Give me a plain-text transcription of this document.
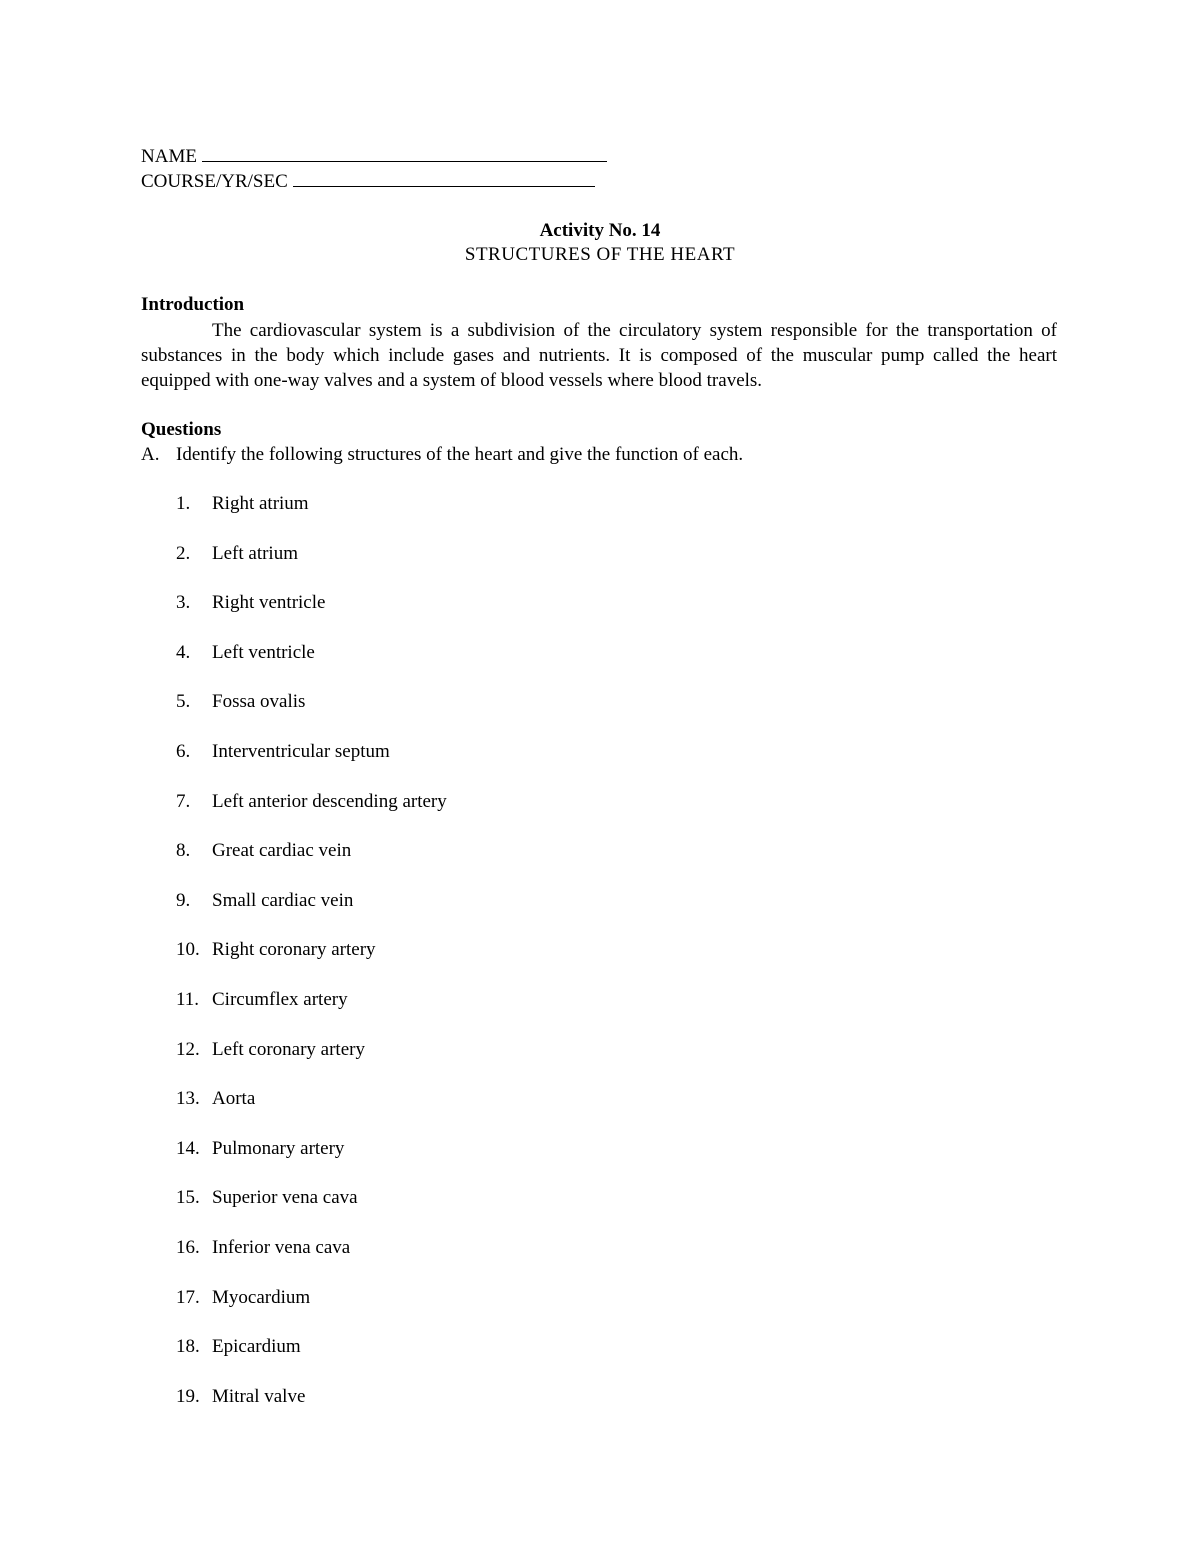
NAME
COURSE/YR/SEC
Activity No. 14
STRUCTURES OF THE HEART
Introduction
The cardiovascular system is a subdivision of the circulatory system responsible for the transportation of substances in the body which include gases and nutrients. It is composed of the muscular pump called the heart equipped with one-way valves and a system of blood vessels where blood travels.
Questions
A. Identify the following structures of the heart and give the function of each.
1. Right atrium
2. Left atrium
3. Right ventricle
4. Left ventricle
5. Fossa ovalis
6. Interventricular septum
7. Left anterior descending artery
8. Great cardiac vein
9. Small cardiac vein
10. Right coronary artery
11. Circumflex artery
12. Left coronary artery
13. Aorta
14. Pulmonary artery
15. Superior vena cava
16. Inferior vena cava
17. Myocardium
18. Epicardium
19. Mitral valve
